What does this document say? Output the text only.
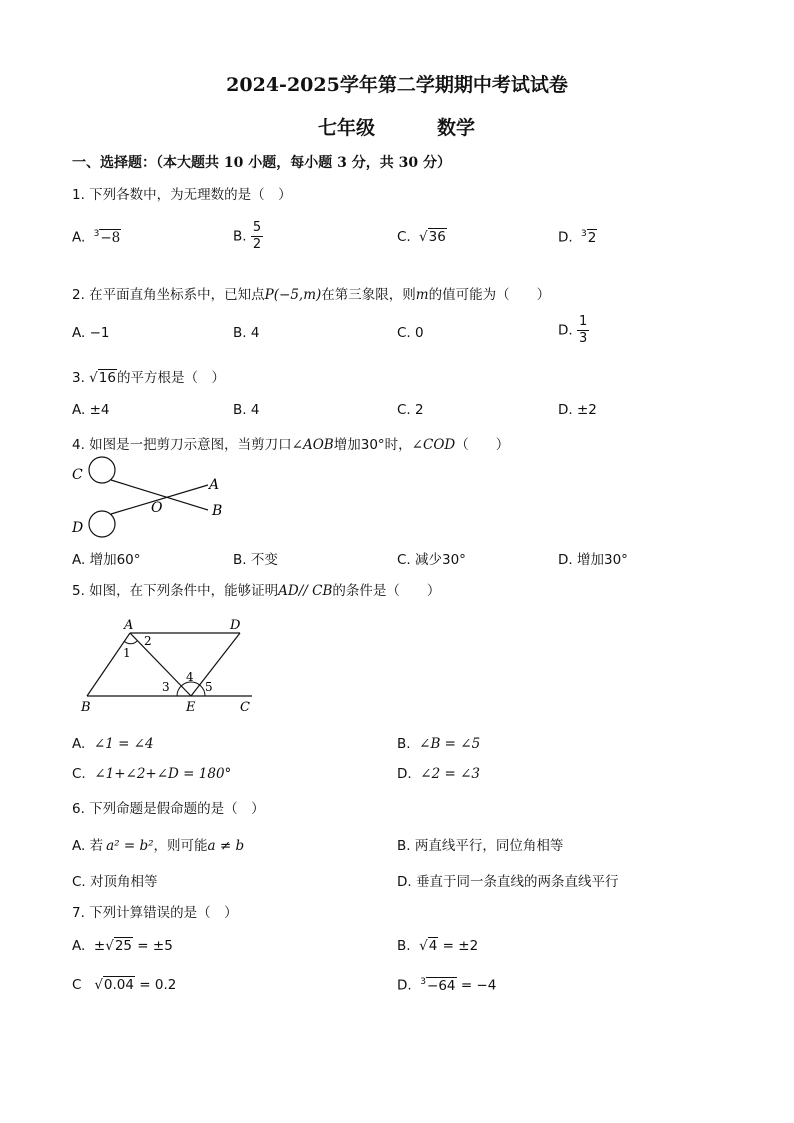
2024-2025学年第二学期期中考试试卷
七年级	数学
一、选择题：（本大题共 10 小题，每小题 3 分，共 30 分）
1. 下列各数中，为无理数的是（　）
A. $^3$−8	B. $\frac{5}{2}$	C. √36	D. $^3$2
2. 在平面直角坐标系中，已知点P(−5,m)在第三象限，则m的值可能为（　　）
A. −1	B. 4	C. 0	D. $\frac{1}{3}$
3. √16的平方根是（　）
A. ±4	B. 4	C. 2	D. ±2
4. 如图是一把剪刀示意图，当剪刀口∠AOB增加30°时，∠COD（　　）
C
D
O
A
B
A. 增加60°	B. 不变	C. 减少30°	D. 增加30°
5. 如图，在下列条件中，能够证明AD// CB的条件是（　　）
A	D
B	E	C
1
2
3
4
5
A. ∠1 = ∠4	B. ∠B = ∠5
C. ∠1+∠2+∠D = 180°	D. ∠2 = ∠3
6. 下列命题是假命题的是（　）
A. 若 a² = b²，则可能a ≠ b	B. 两直线平行，同位角相等
C. 对顶角相等	D. 垂直于同一条直线的两条直线平行
7. 下列计算错误的是（　）
A. ±√25 = ±5	B. √4 = ±2
C √0.04 = 0.2	D. $^3$−64 = −4
